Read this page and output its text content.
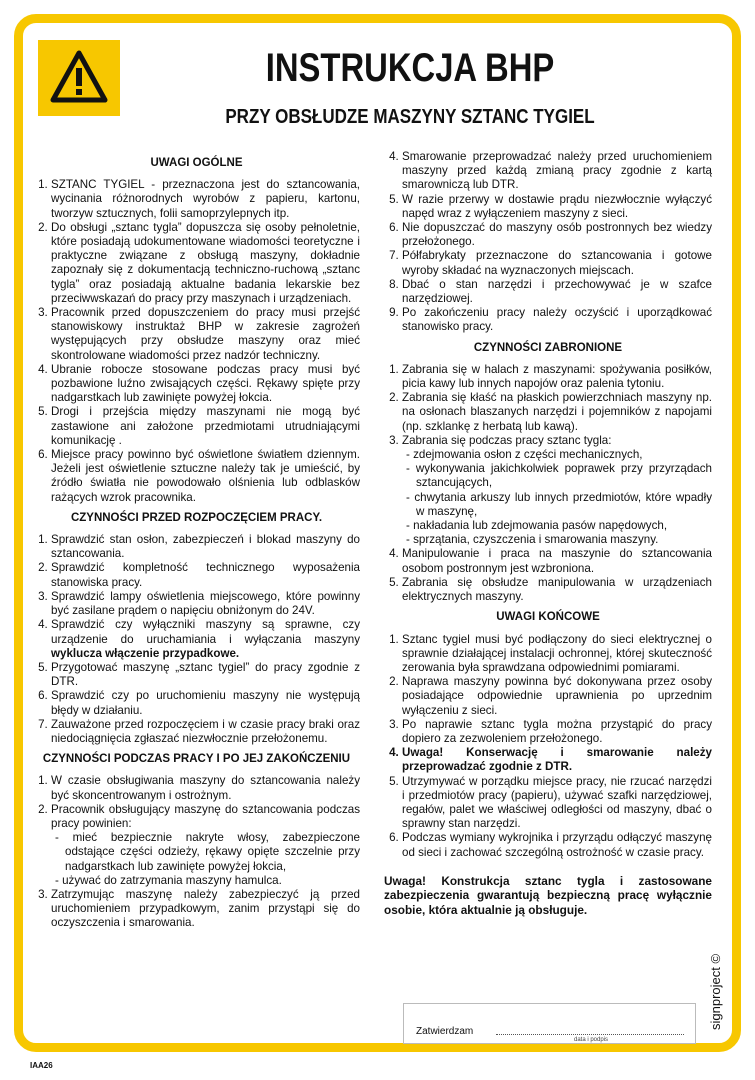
INSTRUKCJA BHP
PRZY OBSŁUDZE MASZYNY SZTANC TYGIEL
UWAGI OGÓLNE
1. SZTANC TYGIEL - przeznaczona jest do sztancowania, wycinania różnorodnych wyrobów z papieru, kartonu, tworzyw sztucznych, folii samoprzylepnych itp.
2. Do obsługi „sztanc tygla” dopuszcza się osoby pełnoletnie, które posiadają udokumentowane wiadomości teoretyczne i praktyczne związane z obsługą maszyny, dokładnie zapoznały się z dokumentacją techniczno-ruchową „sztanc tygla” oraz posiadają aktualne badania lekarskie bez przeciwwskazań do pracy przy maszynach i urządzeniach.
3. Pracownik przed dopuszczeniem do pracy musi przejść stanowiskowy instruktaż BHP w zakresie zagrożeń występujących przy obsłudze maszyny oraz mieć skontrolowane wiadomości przez nadzór techniczny.
4. Ubranie robocze stosowane podczas pracy musi być pozbawione luźno zwisających części. Rękawy spięte przy nadgarstkach lub zawinięte powyżej łokcia.
5. Drogi i przejścia między maszynami nie mogą być zastawione ani założone przedmiotami utrudniającymi komunikację .
6. Miejsce pracy powinno być oświetlone światłem dziennym. Jeżeli jest oświetlenie sztuczne należy tak je umieścić, by źródło światła nie powodowało olśnienia lub odblasków rażących wzrok pracownika.
CZYNNOŚCI PRZED ROZPOCZĘCIEM PRACY.
1. Sprawdzić stan osłon, zabezpieczeń i blokad maszyny do sztancowania.
2. Sprawdzić kompletność technicznego wyposażenia stanowiska pracy.
3. Sprawdzić lampy oświetlenia miejscowego, które powinny być zasilane prądem o napięciu obniżonym do 24V.
4. Sprawdzić czy wyłączniki maszyny są sprawne, czy urządzenie do uruchamiania i wyłączania maszyny wyklucza włączenie przypadkowe.
5. Przygotować maszynę „sztanc tygiel” do pracy zgodnie z DTR.
6. Sprawdzić czy po uruchomieniu maszyny nie występują błędy w działaniu.
7. Zauważone przed rozpoczęciem i w czasie pracy braki oraz niedociągnięcia zgłaszać niezwłocznie przełożonemu.
CZYNNOŚCI PODCZAS PRACY I PO JEJ ZAKOŃCZENIU
1. W czasie obsługiwania maszyny do sztancowania należy być skoncentrowanym i ostrożnym.
2. Pracownik obsługujący maszynę do sztancowania podczas pracy powinien:
- mieć bezpiecznie nakryte włosy, zabezpieczone odstające części odzieży, rękawy opięte szczelnie przy nadgarstkach lub zawinięte powyżej łokcia,
- używać do zatrzymania maszyny hamulca.
3. Zatrzymując maszynę należy zabezpieczyć ją przed uruchomieniem przypadkowym, zanim przystąpi się do oczyszczenia i smarowania.
4. Smarowanie przeprowadzać należy przed uruchomieniem maszyny przed każdą zmianą pracy zgodnie z kartą smarowniczą lub DTR.
5. W razie przerwy w dostawie prądu niezwłocznie wyłączyć napęd wraz z wyłączeniem maszyny z sieci.
6. Nie dopuszczać do maszyny osób postronnych bez wiedzy przełożonego.
7. Półfabrykaty przeznaczone do sztancowania i gotowe wyroby składać na wyznaczonych miejscach.
8. Dbać o stan narzędzi i przechowywać je w szafce narzędziowej.
9. Po zakończeniu pracy należy oczyścić i uporządkować stanowisko pracy.
CZYNNOŚCI ZABRONIONE
1. Zabrania się w halach z maszynami: spożywania posiłków, picia kawy lub innych napojów oraz palenia tytoniu.
2. Zabrania się kłaść na płaskich powierzchniach maszyny np. na osłonach blaszanych narzędzi i pojemników z napojami (np. szklankę z herbatą lub kawą).
3. Zabrania się podczas pracy sztanc tygla:
- zdejmowania osłon z części mechanicznych,
- wykonywania jakichkolwiek poprawek przy przyrządach sztancujących,
- chwytania arkuszy lub innych przedmiotów, które wpadły w maszynę,
- nakładania lub zdejmowania pasów napędowych,
- sprzątania, czyszczenia i smarowania maszyny.
4. Manipulowanie i praca na maszynie do sztancowania osobom postronnym jest wzbroniona.
5. Zabrania się obsłudze manipulowania w urządzeniach elektrycznych maszyny.
UWAGI KOŃCOWE
1. Sztanc tygiel musi być podłączony do sieci elektrycznej o sprawnie działającej instalacji ochronnej, której skuteczność zerowania była sprawdzana odpowiednimi pomiarami.
2. Naprawa maszyny powinna być dokonywana przez osoby posiadające odpowiednie uprawnienia po uprzednim wyłączeniu z sieci.
3. Po naprawie sztanc tygla można przystąpić do pracy dopiero za zezwoleniem przełożonego.
4. Uwaga! Konserwację i smarowanie należy przeprowadzać zgodnie z DTR.
5. Utrzymywać w porządku miejsce pracy, nie rzucać narzędzi i przedmiotów pracy (papieru), używać szafki narzędziowej, regałów, palet we właściwej odległości od maszyny, dbać o sprawny stan narzędzi.
6. Podczas wymiany wykrojnika i przyrządu odłączyć maszynę od sieci i zachować szczególną ostrożność w czasie pracy.
Uwaga! Konstrukcja sztanc tygla i zastosowane zabezpieczenia gwarantują bezpieczną pracę wyłącznie osobie, która aktualnie ją obsługuje.
Zatwierdzam
data i podpis
signproject ©
IAA26
